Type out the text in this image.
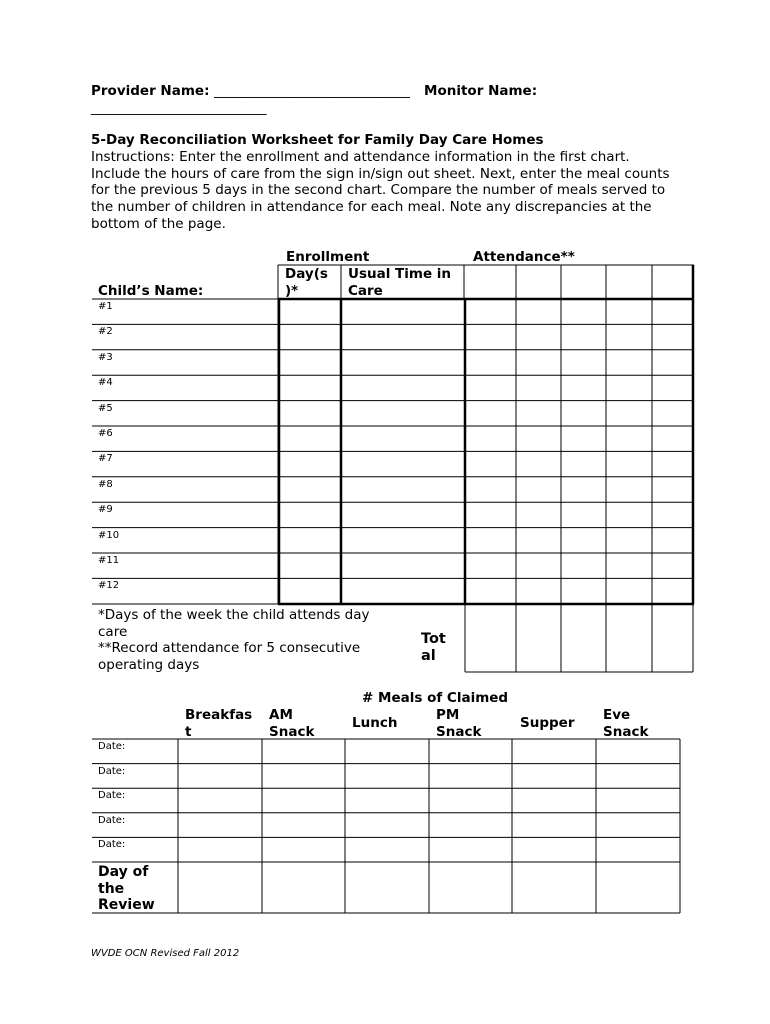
Provider Name: _____________________________ Monitor Name:
__________________________
5-Day Reconciliation Worksheet for Family Day Care Homes
Instructions: Enter the enrollment and attendance information in the first chart. Include the hours of care from the sign in/sign out sheet. Next, enter the meal counts for the previous 5 days in the second chart. Compare the number of meals served to the number of children in attendance for each meal. Note any discrepancies at the bottom of the page.
Enrollment	Attendance**
Child’s Name:
Day(s )*
Usual Time in Care
#1
#2
#3
#4
#5
#6
#7
#8
#9
#10
#11
#12
*Days of the week the child attends day care
**Record attendance for 5 consecutive operating days
Tot al
# Meals of Claimed
Breakfas t
AM Snack
Lunch	PM Snack
Supper Eve Snack
Date:
Date:
Date:
Date:
Date:
Day of the Review
WVDE OCN Revised Fall 2012
